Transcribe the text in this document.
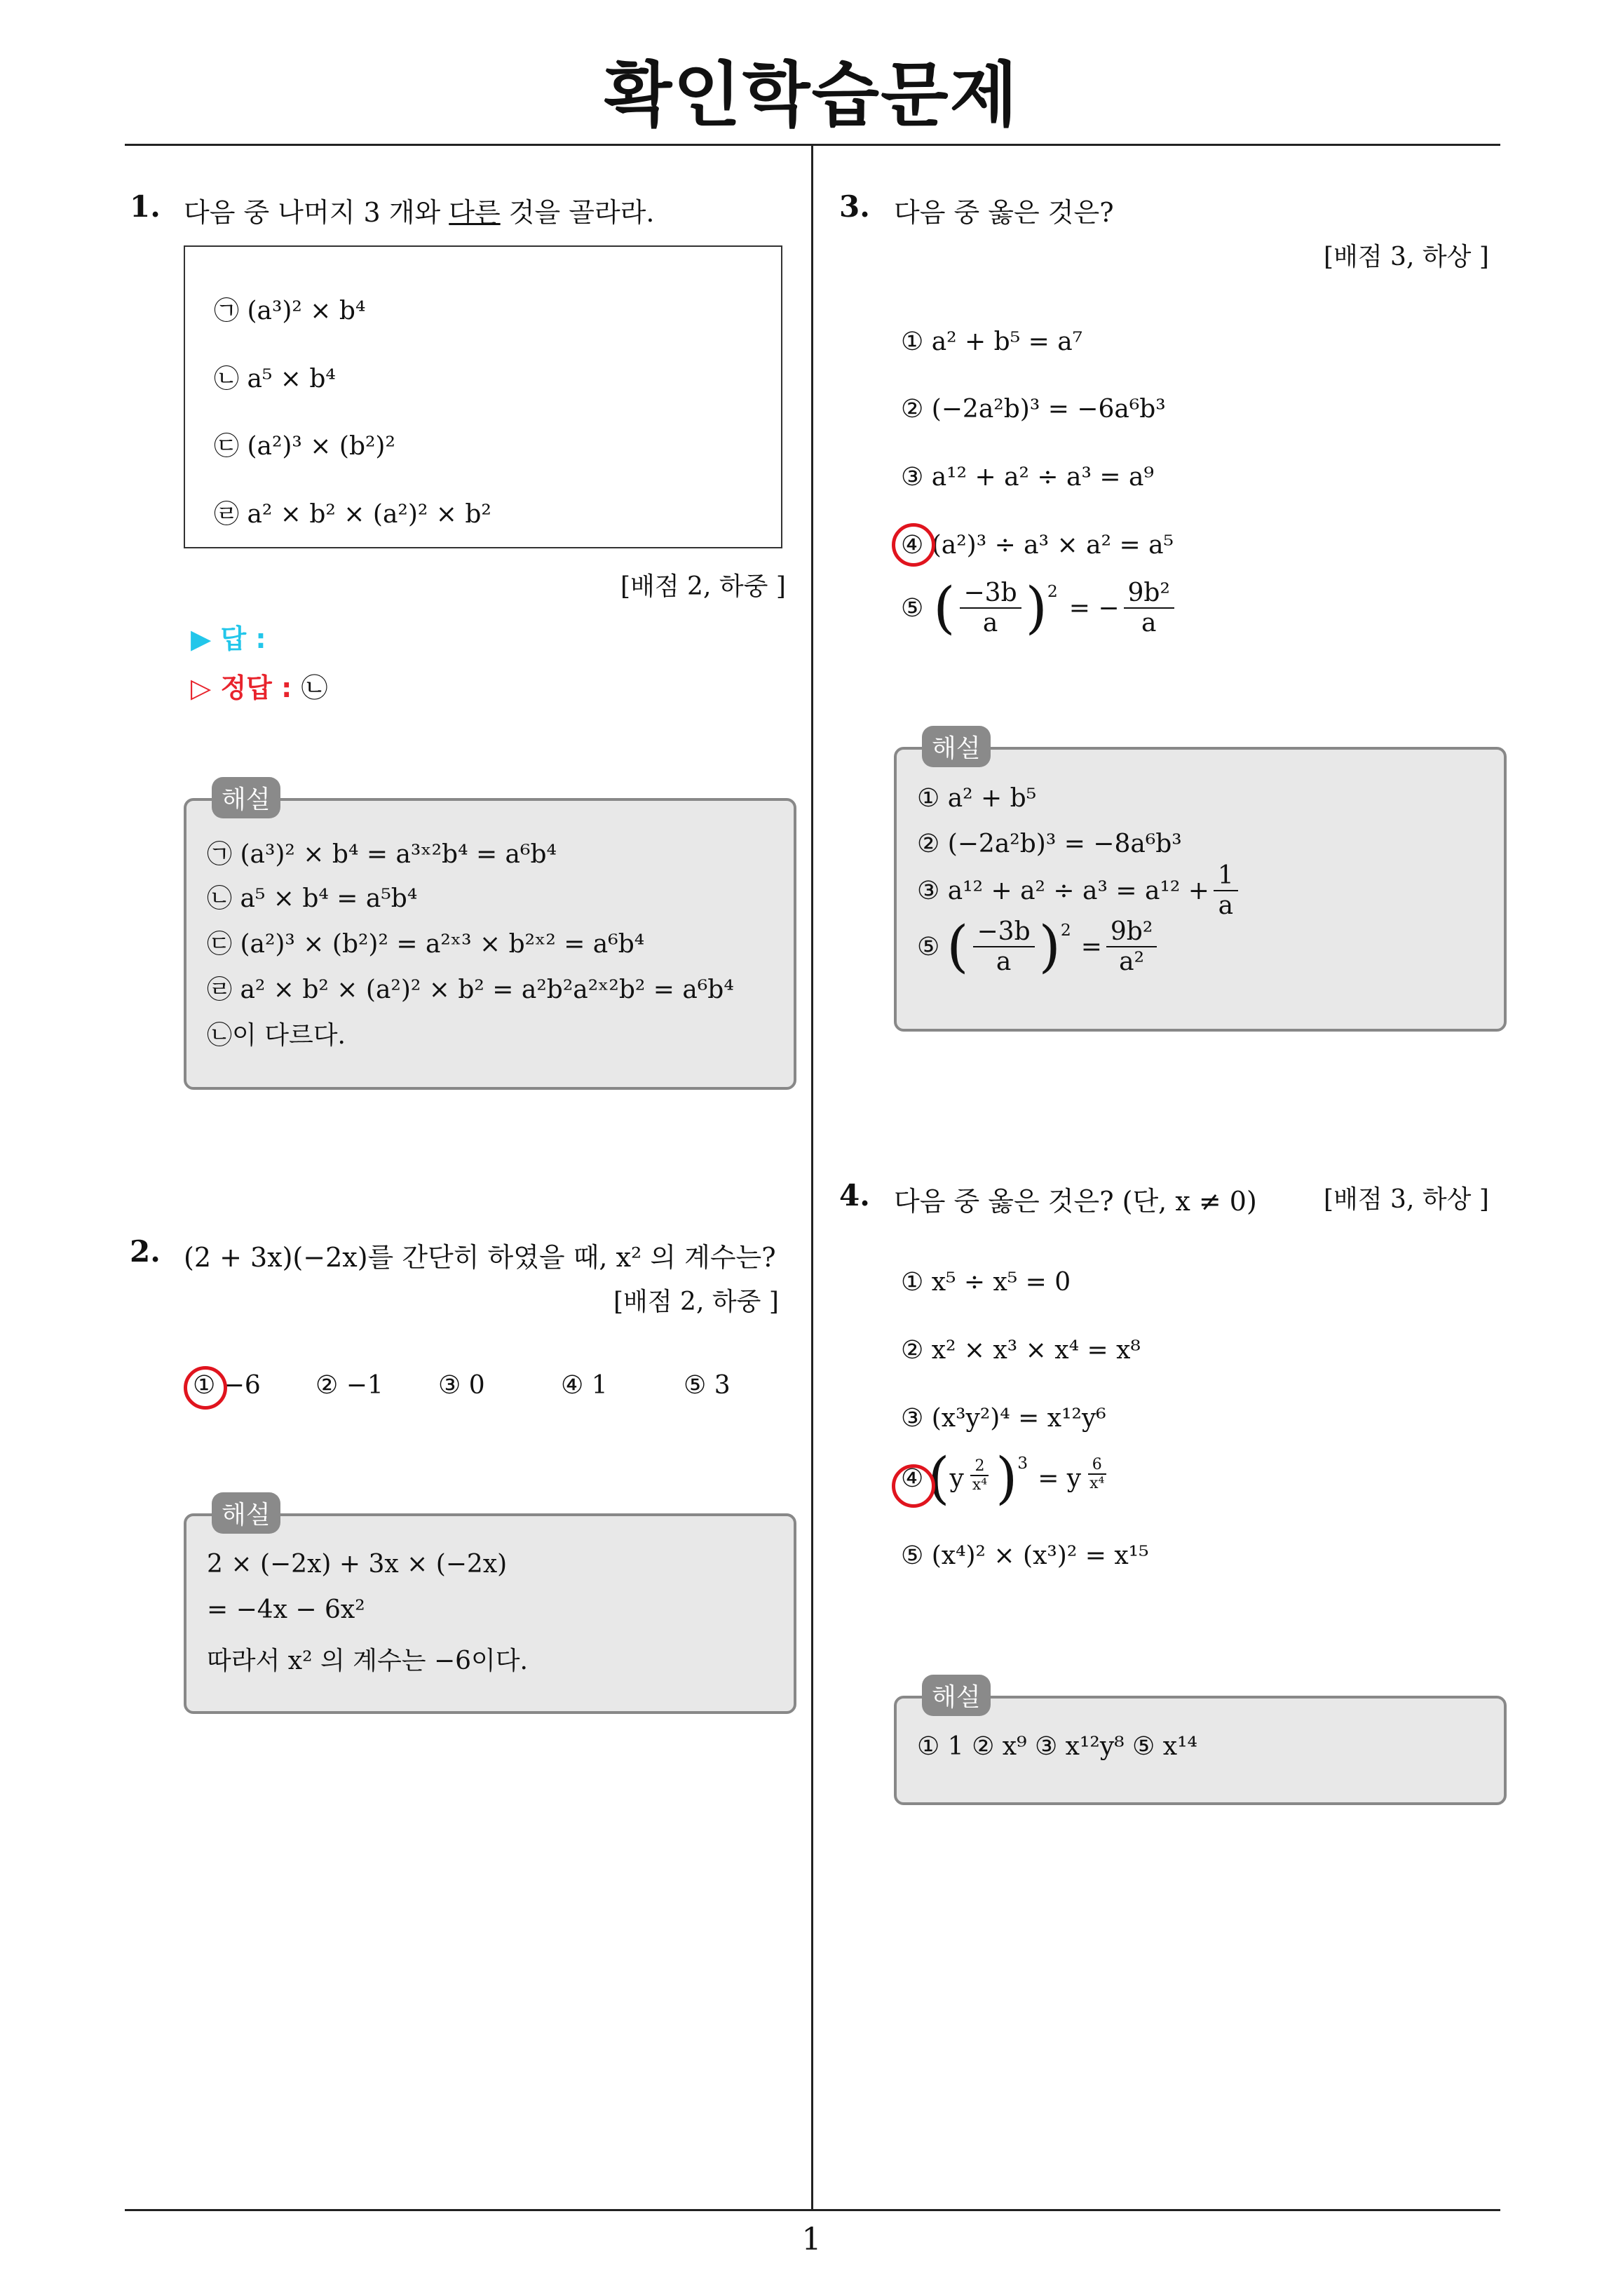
확인학습문제
1
1. 다음 중 나머지 3 개와 다른 것을 골라라.
㉠ (a³)² × b⁴
㉡ a⁵ × b⁴
㉢ (a²)³ × (b²)²
㉣ a² × b² × (a²)² × b²
[배점 2, 하중 ]
▶ 답 :
▷ 정답 : ㉡
해설
㉠ (a³)² × b⁴ = a³ˣ²b⁴ = a⁶b⁴
㉡ a⁵ × b⁴ = a⁵b⁴
㉢ (a²)³ × (b²)² = a²ˣ³ × b²ˣ² = a⁶b⁴
㉣ a² × b² × (a²)² × b² = a²b²a²ˣ²b² = a⁶b⁴
㉡이 다르다.
2. (2 + 3x)(−2x)를 간단히 하였을 때, x² 의 계수는?
[배점 2, 하중 ]
① −6 ② −1 ③ 0	④ 1	⑤ 3
해설
2 × (−2x) + 3x × (−2x)
= −4x − 6x²
따라서 x² 의 계수는 −6이다.
3. 다음 중 옳은 것은?
[배점 3, 하상 ]
① a² + b⁵ = a⁷
② (−2a²b)³ = −6a⁶b³
③ a¹² + a² ÷ a³ = a⁹
④ (a²)³ ÷ a³ × a² = a⁵
⑤ ( $\frac{-3b}{a} )^2$
= − $\frac{\text{9b²}}{a}$
해설
① a² + b⁵
② (−2a²b)³ = −8a⁶b³
③ $a^{12} + a^2 \div a^3 = a^{12} + \frac{1}{a}$
⑤ ( $\frac{-3b}{a} )^2$
= $\frac{\text{9b²}}{\text{a²}}$
4. 다음 중 옳은 것은? (단, x ≠ 0)	[배점 3, 하상 ]
① x⁵ ÷ x⁵ = 0
② x² × x³ × x⁴ = x⁸
③ (x³y²)⁴ = x¹²y⁶
④ ( y $\frac{2}{\text{x⁴}} )^3$
= y $\frac{6}{\text{x⁴}}$
⑤ (x⁴)² × (x³)² = x¹⁵
해설
① 1 ② x⁹ ③ x¹²y⁸ ⑤ x¹⁴
